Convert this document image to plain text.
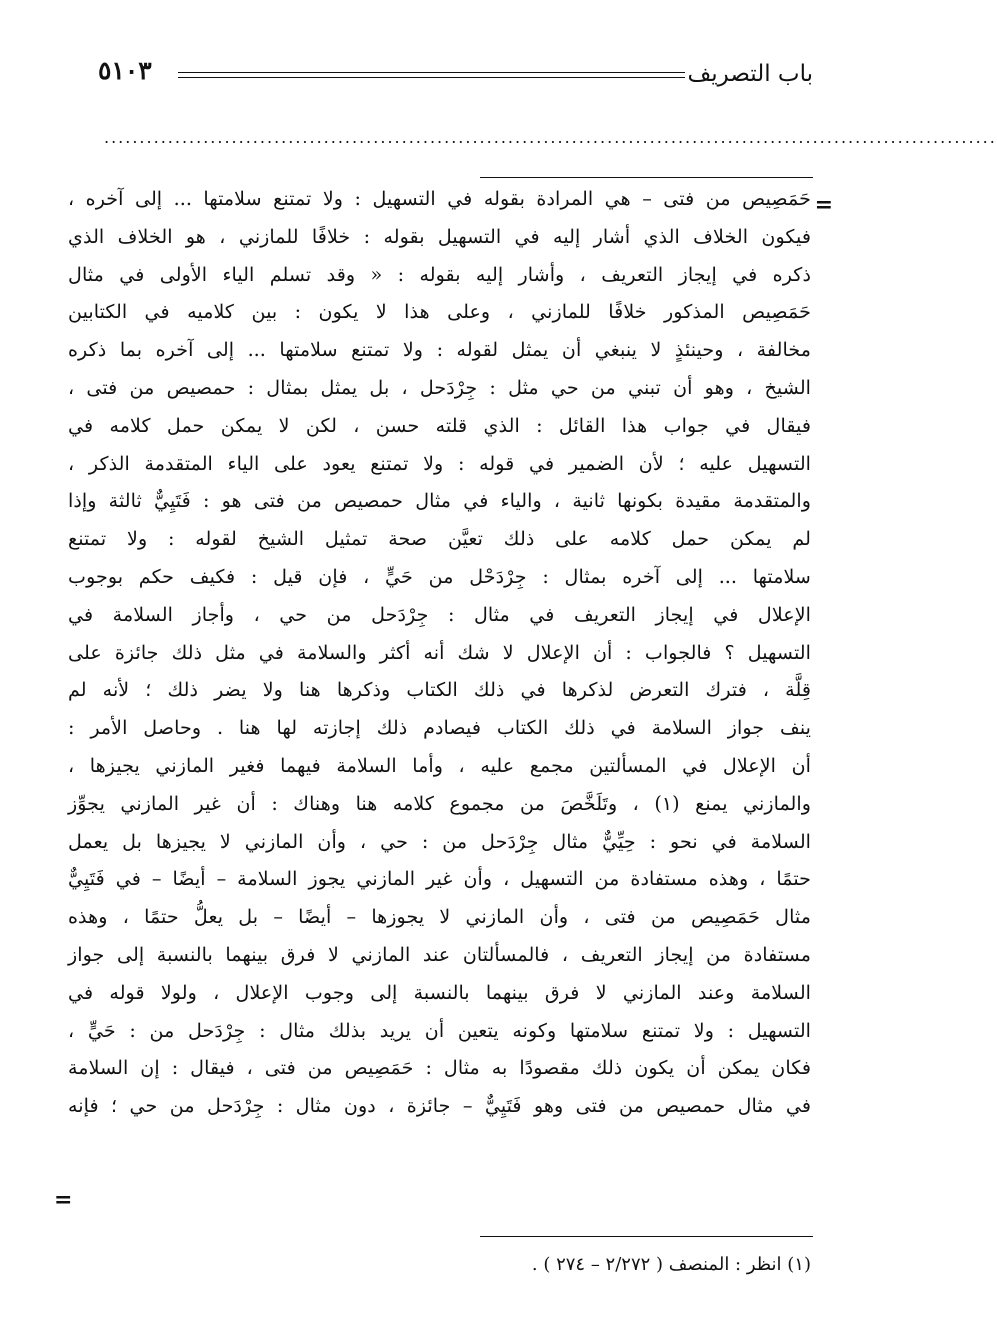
باب التصريف
٥١٠٣
..............................................................................................................................
=
حَمَصِيص من فتى – هي المرادة بقوله في التسهيل : ولا تمتنع سلامتها ... إلى آخره ،
فيكون الخلاف الذي أشار إليه في التسهيل بقوله : خلافًا للمازني ، هو الخلاف الذي
ذكره في إيجاز التعريف ، وأشار إليه بقوله : « وقد تسلم الياء الأولى في مثال
حَمَصِيص المذكور خلافًا للمازني ، وعلى هذا لا يكون : بين كلاميه في الكتابين
مخالفة ، وحينئذٍ لا ينبغي أن يمثل لقوله : ولا تمتنع سلامتها ... إلى آخره بما ذكره
الشيخ ، وهو أن تبني من حي مثل : جِرْدَحل ، بل يمثل بمثال : حمصيص من فتى ،
فيقال في جواب هذا القائل : الذي قلته حسن ، لكن لا يمكن حمل كلامه في
التسهيل عليه ؛ لأن الضمير في قوله : ولا تمتنع يعود على الياء المتقدمة الذكر ،
والمتقدمة مقيدة بكونها ثانية ، والياء في مثال حمصيص من فتى هو : فَتَيِيٌّ ثالثة وإذا
لم يمكن حمل كلامه على ذلك تعيَّن صحة تمثيل الشيخ لقوله : ولا تمتنع
سلامتها ... إلى آخره بمثال : جِرْدَحْل من حَيٍّ ، فإن قيل : فكيف حكم بوجوب
الإعلال في إيجاز التعريف في مثال : جِرْدَحل من حي ، وأجاز السلامة في
التسهيل ؟ فالجواب : أن الإعلال لا شك أنه أكثر والسلامة في مثل ذلك جائزة على
قِلَّة ، فترك التعرض لذكرها في ذلك الكتاب وذكرها هنا ولا يضر ذلك ؛ لأنه لم
ينف جواز السلامة في ذلك الكتاب فيصادم ذلك إجازته لها هنا . وحاصل الأمر :
أن الإعلال في المسألتين مجمع عليه ، وأما السلامة فيهما فغير المازني يجيزها ،
والمازني يمنع (١) ، وتَلَخَّصَ من مجموع كلامه هنا وهناك : أن غير المازني يجوِّز
السلامة في نحو : حِيِّيٌّ مثال جِرْدَحل من : حي ، وأن المازني لا يجيزها بل يعمل
حتمًا ، وهذه مستفادة من التسهيل ، وأن غير المازني يجوز السلامة – أيضًا – في فَتَيِيٌّ
مثال حَمَصِيص من فتى ، وأن المازني لا يجوزها – أيضًا – بل يعلُّ حتمًا ، وهذه
مستفادة من إيجاز التعريف ، فالمسألتان عند المازني لا فرق بينهما بالنسبة إلى جواز
السلامة وعند المازني لا فرق بينهما بالنسبة إلى وجوب الإعلال ، ولولا قوله في
التسهيل : ولا تمتنع سلامتها وكونه يتعين أن يريد بذلك مثال : جِرْدَحل من : حَيٍّ ،
فكان يمكن أن يكون ذلك مقصودًا به مثال : حَمَصِيص من فتى ، فيقال : إن السلامة
في مثال حمصيص من فتى وهو فَتَيِيٌّ – جائزة ، دون مثال : جِرْدَحل من حي ؛ فإنه
=
(١) انظر : المنصف ( ٢/٢٧٢ – ٢٧٤ ) .
